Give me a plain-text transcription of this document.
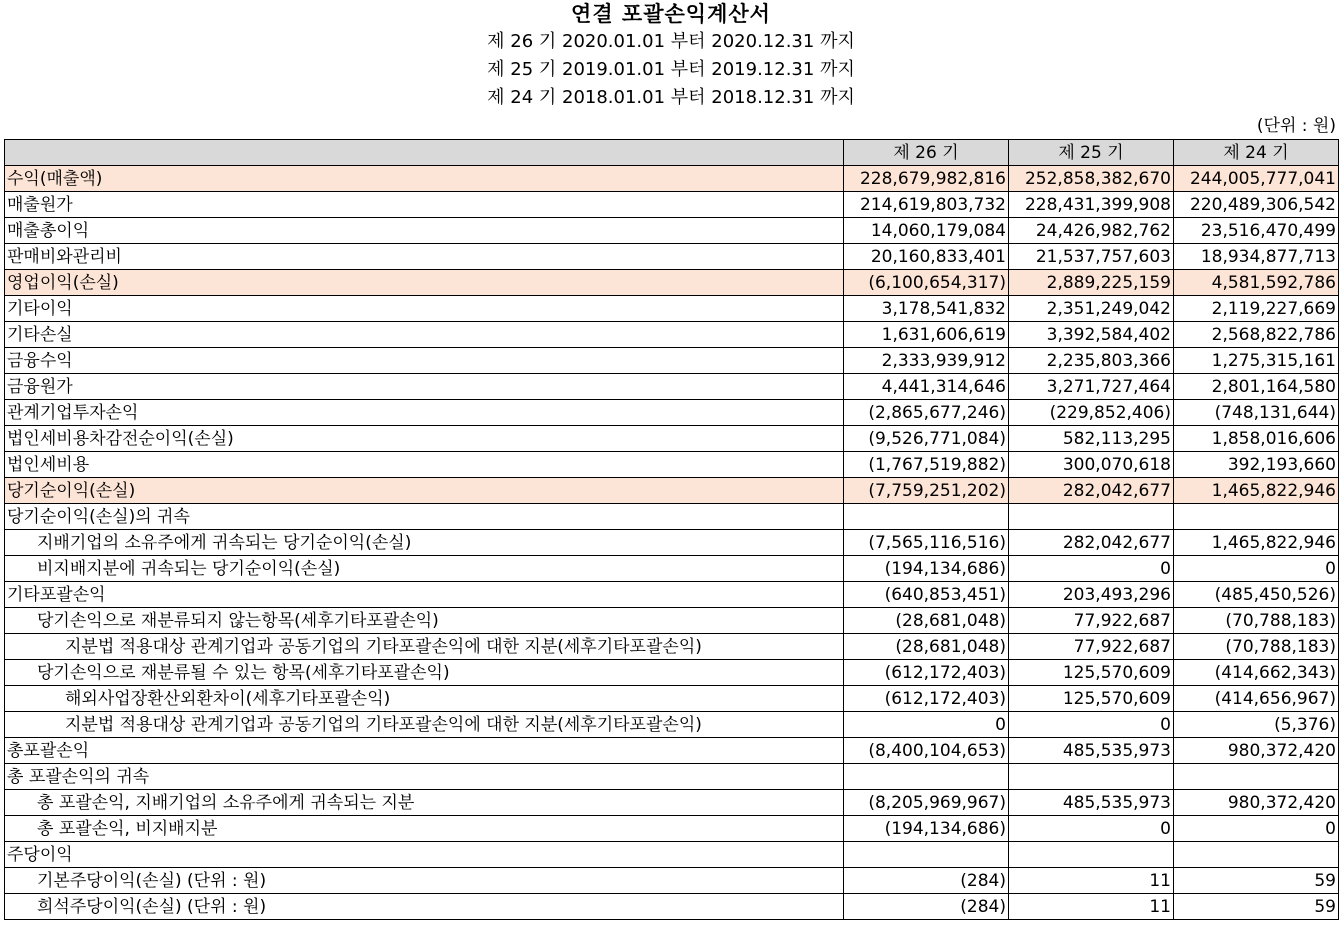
연결 포괄손익계산서
제 26 기 2020.01.01 부터 2020.12.31 까지
제 25 기 2019.01.01 부터 2019.12.31 까지
제 24 기 2018.01.01 부터 2018.12.31 까지
(단위 : 원)
	제 26 기	제 25 기	제 24 기
수익(매출액)	228,679,982,816	252,858,382,670	244,005,777,041
매출원가	214,619,803,732	228,431,399,908	220,489,306,542
매출총이익	14,060,179,084	24,426,982,762	23,516,470,499
판매비와관리비	20,160,833,401	21,537,757,603	18,934,877,713
영업이익(손실)	(6,100,654,317)	2,889,225,159	4,581,592,786
기타이익	3,178,541,832	2,351,249,042	2,119,227,669
기타손실	1,631,606,619	3,392,584,402	2,568,822,786
금융수익	2,333,939,912	2,235,803,366	1,275,315,161
금융원가	4,441,314,646	3,271,727,464	2,801,164,580
관계기업투자손익	(2,865,677,246)	(229,852,406)	(748,131,644)
법인세비용차감전순이익(손실)	(9,526,771,084)	582,113,295	1,858,016,606
법인세비용	(1,767,519,882)	300,070,618	392,193,660
당기순이익(손실)	(7,759,251,202)	282,042,677	1,465,822,946
당기순이익(손실)의 귀속			
지배기업의 소유주에게 귀속되는 당기순이익(손실)	(7,565,116,516)	282,042,677	1,465,822,946
비지배지분에 귀속되는 당기순이익(손실)	(194,134,686)	0	0
기타포괄손익	(640,853,451)	203,493,296	(485,450,526)
당기손익으로 재분류되지 않는항목(세후기타포괄손익)	(28,681,048)	77,922,687	(70,788,183)
지분법 적용대상 관계기업과 공동기업의 기타포괄손익에 대한 지분(세후기타포괄손익)	(28,681,048)	77,922,687	(70,788,183)
당기손익으로 재분류될 수 있는 항목(세후기타포괄손익)	(612,172,403)	125,570,609	(414,662,343)
해외사업장환산외환차이(세후기타포괄손익)	(612,172,403)	125,570,609	(414,656,967)
지분법 적용대상 관계기업과 공동기업의 기타포괄손익에 대한 지분(세후기타포괄손익)	0	0	(5,376)
총포괄손익	(8,400,104,653)	485,535,973	980,372,420
총 포괄손익의 귀속			
총 포괄손익, 지배기업의 소유주에게 귀속되는 지분	(8,205,969,967)	485,535,973	980,372,420
총 포괄손익, 비지배지분	(194,134,686)	0	0
주당이익			
기본주당이익(손실) (단위 : 원)	(284)	11	59
희석주당이익(손실) (단위 : 원)	(284)	11	59
